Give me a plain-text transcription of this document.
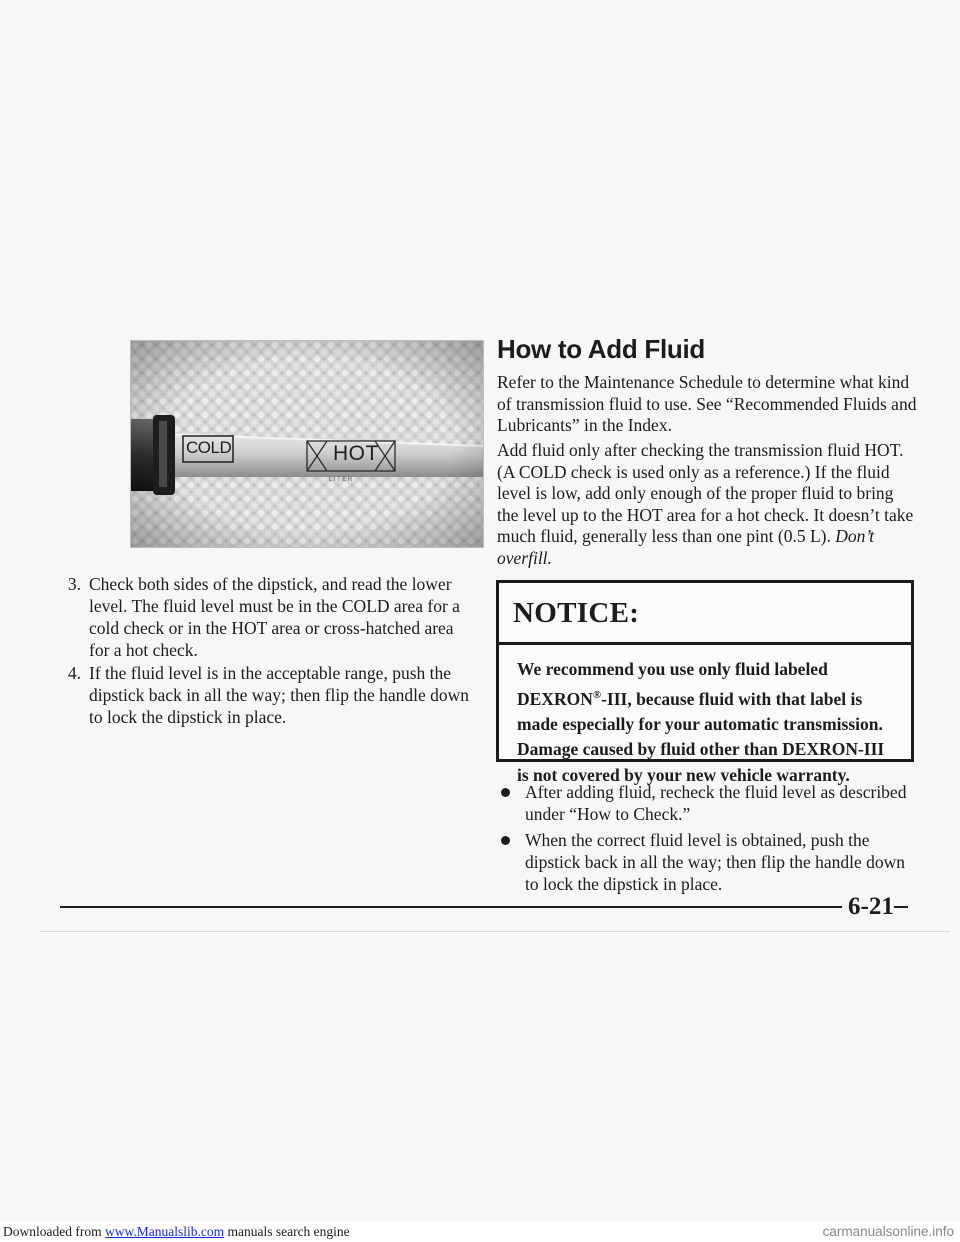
COLD	HOT
3. Check both sides of the dipstick, and read the lower level. The fluid level must be in the COLD area for a cold check or in the HOT area or cross-hatched area for a hot check.
4. If the fluid level is in the acceptable range, push the dipstick back in all the way; then flip the handle down to lock the dipstick in place.
How to Add Fluid

Refer to the Maintenance Schedule to determine what kind of transmission fluid to use. See “Recommended Fluids and Lubricants” in the Index.

Add fluid only after checking the transmission fluid HOT. (A COLD check is used only as a reference.) If the fluid level is low, add only enough of the proper fluid to bring the level up to the HOT area for a hot check. It doesn’t take much fluid, generally less than one pint (0.5 L). Don’t overfill.

NOTICE:
We recommend you use only fluid labeled
DEXRON®-III, because fluid with that label is
made especially for your automatic transmission.
Damage caused by fluid other than DEXRON-III
is not covered by your new vehicle warranty.
After adding fluid, recheck the fluid level as described under “How to Check.”
When the correct fluid level is obtained, push the dipstick back in all the way; then flip the handle down to lock the dipstick in place.
6-21
Downloaded from www.Manualslib.com manuals search engine	carmanualsonline.info
